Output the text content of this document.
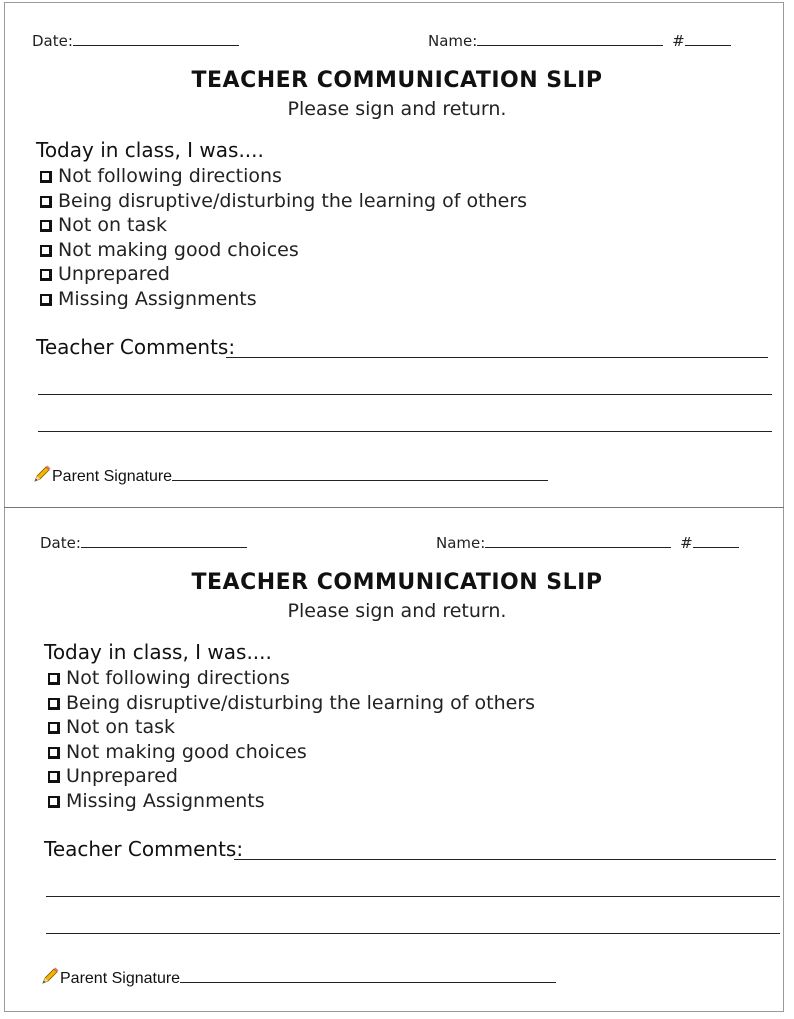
Date:	Name:	#
TEACHER COMMUNICATION SLIP
Please sign and return.
Today in class, I was....
Not following directions
Being disruptive/disturbing the learning of others
Not on task
Not making good choices
Unprepared
Missing Assignments
Teacher Comments:
Parent Signature
Date:	Name:	#
TEACHER COMMUNICATION SLIP
Please sign and return.
Today in class, I was....
Not following directions
Being disruptive/disturbing the learning of others
Not on task
Not making good choices
Unprepared
Missing Assignments
Teacher Comments:
Parent Signature
